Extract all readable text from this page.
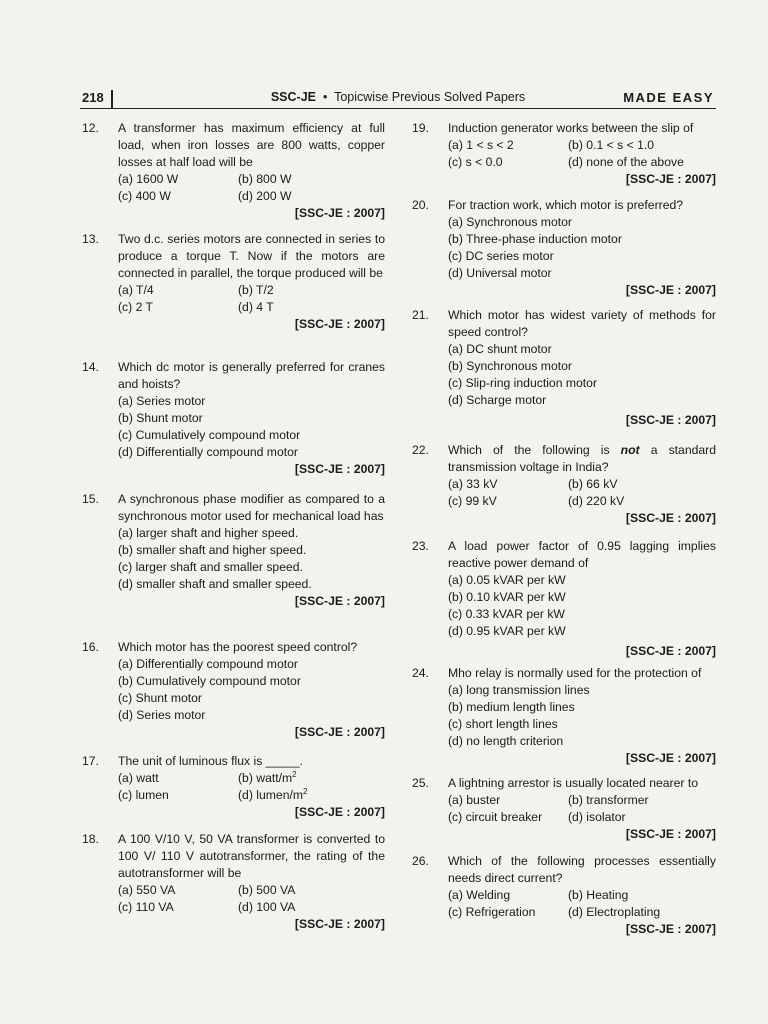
218	SSC-JE • Topicwise Previous Solved Papers	MADE EASY
12. A transformer has maximum efficiency at full load, when iron losses are 800 watts, copper losses at half load will be
(a) 1600 W	(b) 800 W
(c) 400 W	(d) 200 W
[SSC-JE : 2007]
13. Two d.c. series motors are connected in series to produce a torque T. Now if the motors are connected in parallel, the torque produced will be
(a) T/4	(b) T/2
(c) 2 T	(d) 4 T
[SSC-JE : 2007]
14. Which dc motor is generally preferred for cranes and hoists?
(a) Series motor
(b) Shunt motor
(c) Cumulatively compound motor
(d) Differentially compound motor
[SSC-JE : 2007]
15. A synchronous phase modifier as compared to a synchronous motor used for mechanical load has
(a) larger shaft and higher speed.
(b) smaller shaft and higher speed.
(c) larger shaft and smaller speed.
(d) smaller shaft and smaller speed.
[SSC-JE : 2007]
16. Which motor has the poorest speed control?
(a) Differentially compound motor
(b) Cumulatively compound motor
(c) Shunt motor
(d) Series motor
[SSC-JE : 2007]
17. The unit of luminous flux is _____.
(a) watt	(b) watt/$m^2$
(c) lumen	(d) lumen/$m^2$
[SSC-JE : 2007]
18. A 100 V/10 V, 50 VA transformer is converted to 100 V/ 110 V autotransformer, the rating of the autotransformer will be
(a) 550 VA	(b) 500 VA
(c) 110 VA	(d) 100 VA
[SSC-JE : 2007]
19. Induction generator works between the slip of
(a) 1 < s < 2	(b) 0.1 < s < 1.0
(c) s < 0.0	(d) none of the above
[SSC-JE : 2007]
20. For traction work, which motor is preferred?
(a) Synchronous motor
(b) Three-phase induction motor
(c) DC series motor
(d) Universal motor
[SSC-JE : 2007]
21. Which motor has widest variety of methods for speed control?
(a) DC shunt motor
(b) Synchronous motor
(c) Slip-ring induction motor
(d) Scharge motor
[SSC-JE : 2007]
22. Which of the following is not a standard transmission voltage in India?
(a) 33 kV	(b) 66 kV
(c) 99 kV	(d) 220 kV
[SSC-JE : 2007]
23. A load power factor of 0.95 lagging implies reactive power demand of
(a) 0.05 kVAR per kW
(b) 0.10 kVAR per kW
(c) 0.33 kVAR per kW
(d) 0.95 kVAR per kW
[SSC-JE : 2007]
24. Mho relay is normally used for the protection of
(a) long transmission lines
(b) medium length lines
(c) short length lines
(d) no length criterion
[SSC-JE : 2007]
25. A lightning arrestor is usually located nearer to
(a) buster	(b) transformer
(c) circuit breaker	(d) isolator
[SSC-JE : 2007]
26. Which of the following processes essentially needs direct current?
(a) Welding	(b) Heating
(c) Refrigeration	(d) Electroplating
[SSC-JE : 2007]
